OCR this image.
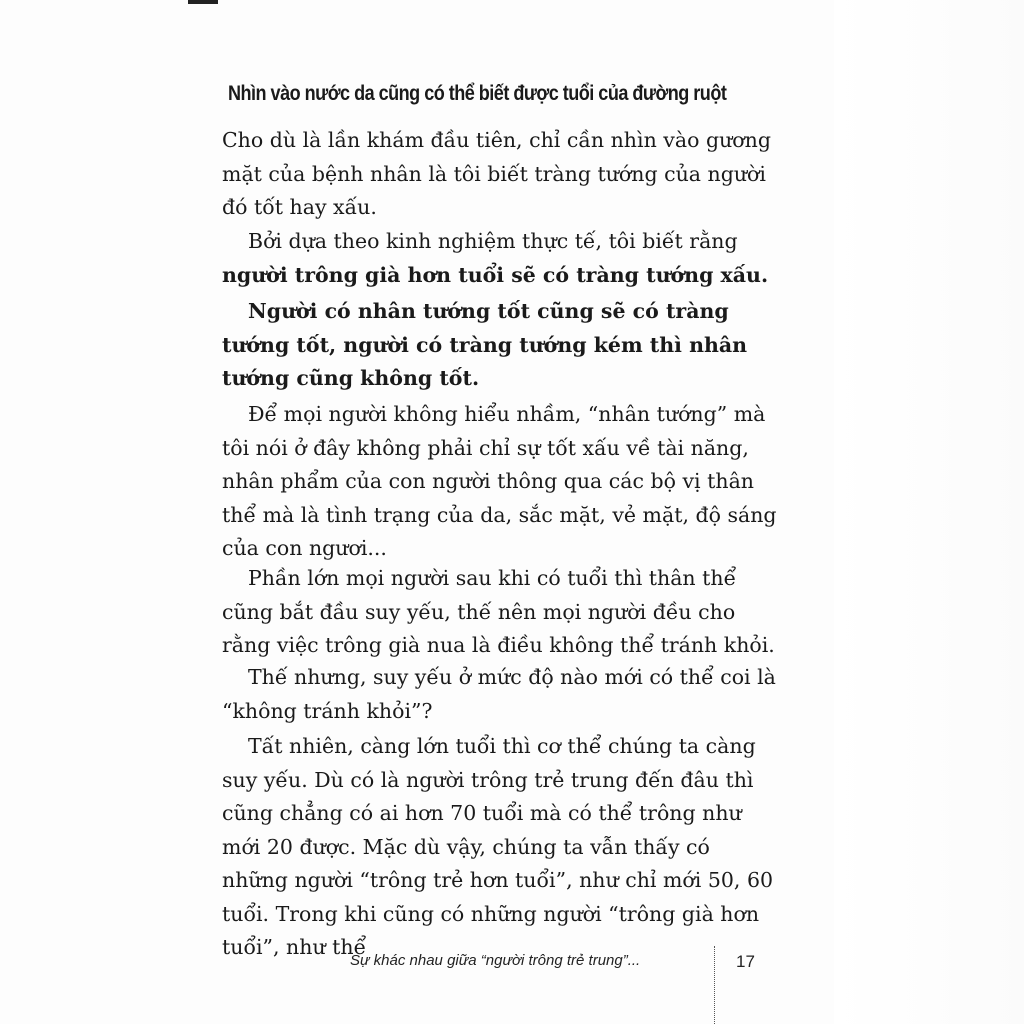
Nhìn vào nước da cũng có thể biết được tuổi của đường ruột

Cho dù là lần khám đầu tiên, chỉ cần nhìn vào gương mặt của bệnh nhân là tôi biết tràng tướng của người đó tốt hay xấu.

Bởi dựa theo kinh nghiệm thực tế, tôi biết rằng người trông già hơn tuổi sẽ có tràng tướng xấu.

Người có nhân tướng tốt cũng sẽ có tràng tướng tốt, người có tràng tướng kém thì nhân tướng cũng không tốt.

Để mọi người không hiểu nhầm, “nhân tướng” mà tôi nói ở đây không phải chỉ sự tốt xấu về tài năng, nhân phẩm của con người thông qua các bộ vị thân thể mà là tình trạng của da, sắc mặt, vẻ mặt, độ sáng của con ngươi...

Phần lớn mọi người sau khi có tuổi thì thân thể cũng bắt đầu suy yếu, thế nên mọi người đều cho rằng việc trông già nua là điều không thể tránh khỏi.

Thế nhưng, suy yếu ở mức độ nào mới có thể coi là “không tránh khỏi”?

Tất nhiên, càng lớn tuổi thì cơ thể chúng ta càng suy yếu. Dù có là người trông trẻ trung đến đâu thì cũng chẳng có ai hơn 70 tuổi mà có thể trông như mới 20 được. Mặc dù vậy, chúng ta vẫn thấy có những người “trông trẻ hơn tuổi”, như chỉ mới 50, 60 tuổi. Trong khi cũng có những người “trông già hơn tuổi”, như thể

Sự khác nhau giữa “người trông trẻ trung”...	17
